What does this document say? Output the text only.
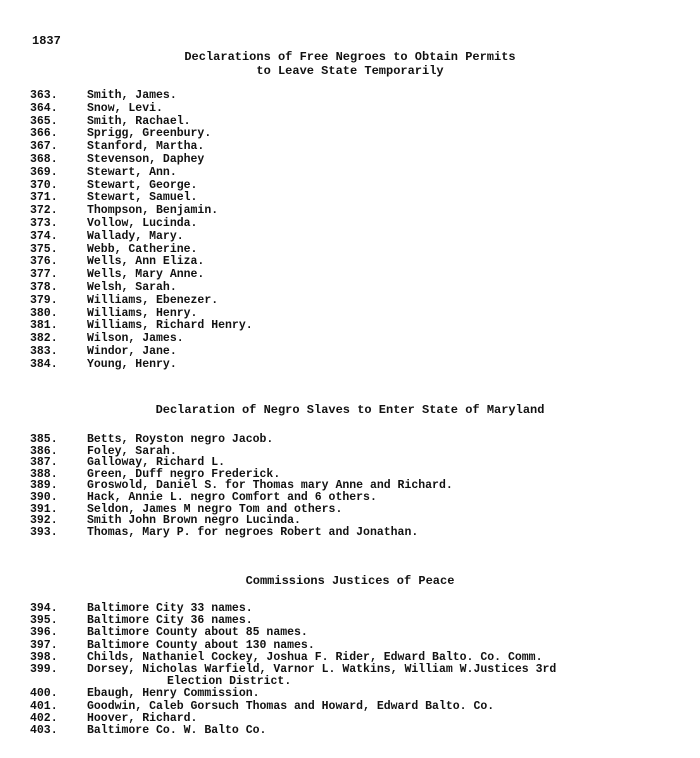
1837
Declarations of Free Negroes to Obtain Permits
to Leave State Temporarily
363.	Smith, James.
364.	Snow, Levi.
365.	Smith, Rachael.
366.	Sprigg, Greenbury.
367.	Stanford, Martha.
368.	Stevenson, Daphey
369.	Stewart, Ann.
370.	Stewart, George.
371.	Stewart, Samuel.
372.	Thompson, Benjamin.
373.	Vollow, Lucinda.
374.	Wallady, Mary.
375.	Webb, Catherine.
376.	Wells, Ann Eliza.
377.	Wells, Mary Anne.
378.	Welsh, Sarah.
379.	Williams, Ebenezer.
380.	Williams, Henry.
381.	Williams, Richard Henry.
382.	Wilson, James.
383.	Windor, Jane.
384.	Young, Henry.
Declaration of Negro Slaves to Enter State of Maryland
385.	Betts, Royston negro Jacob.
386.	Foley, Sarah.
387.	Galloway, Richard L.
388.	Green, Duff negro Frederick.
389.	Groswold, Daniel S. for Thomas mary Anne and Richard.
390.	Hack, Annie L. negro Comfort and 6 others.
391.	Seldon, James M negro Tom and others.
392.	Smith John Brown negro Lucinda.
393.	Thomas, Mary P. for negroes Robert and Jonathan.
Commissions Justices of Peace
394.	Baltimore City 33 names.
395.	Baltimore City 36 names.
396.	Baltimore County about 85 names.
397.	Baltimore County about 130 names.
398.	Childs, Nathaniel Cockey, Joshua F. Rider, Edward Balto. Co. Comm.
399.	Dorsey, Nicholas Warfield, Varnor L. Watkins, William W.Justices 3rd
Election District.
400.	Ebaugh, Henry Commission.
401.	Goodwin, Caleb Gorsuch Thomas and Howard, Edward Balto. Co.
402.	Hoover, Richard.
403.	Baltimore Co. W. Balto Co.
